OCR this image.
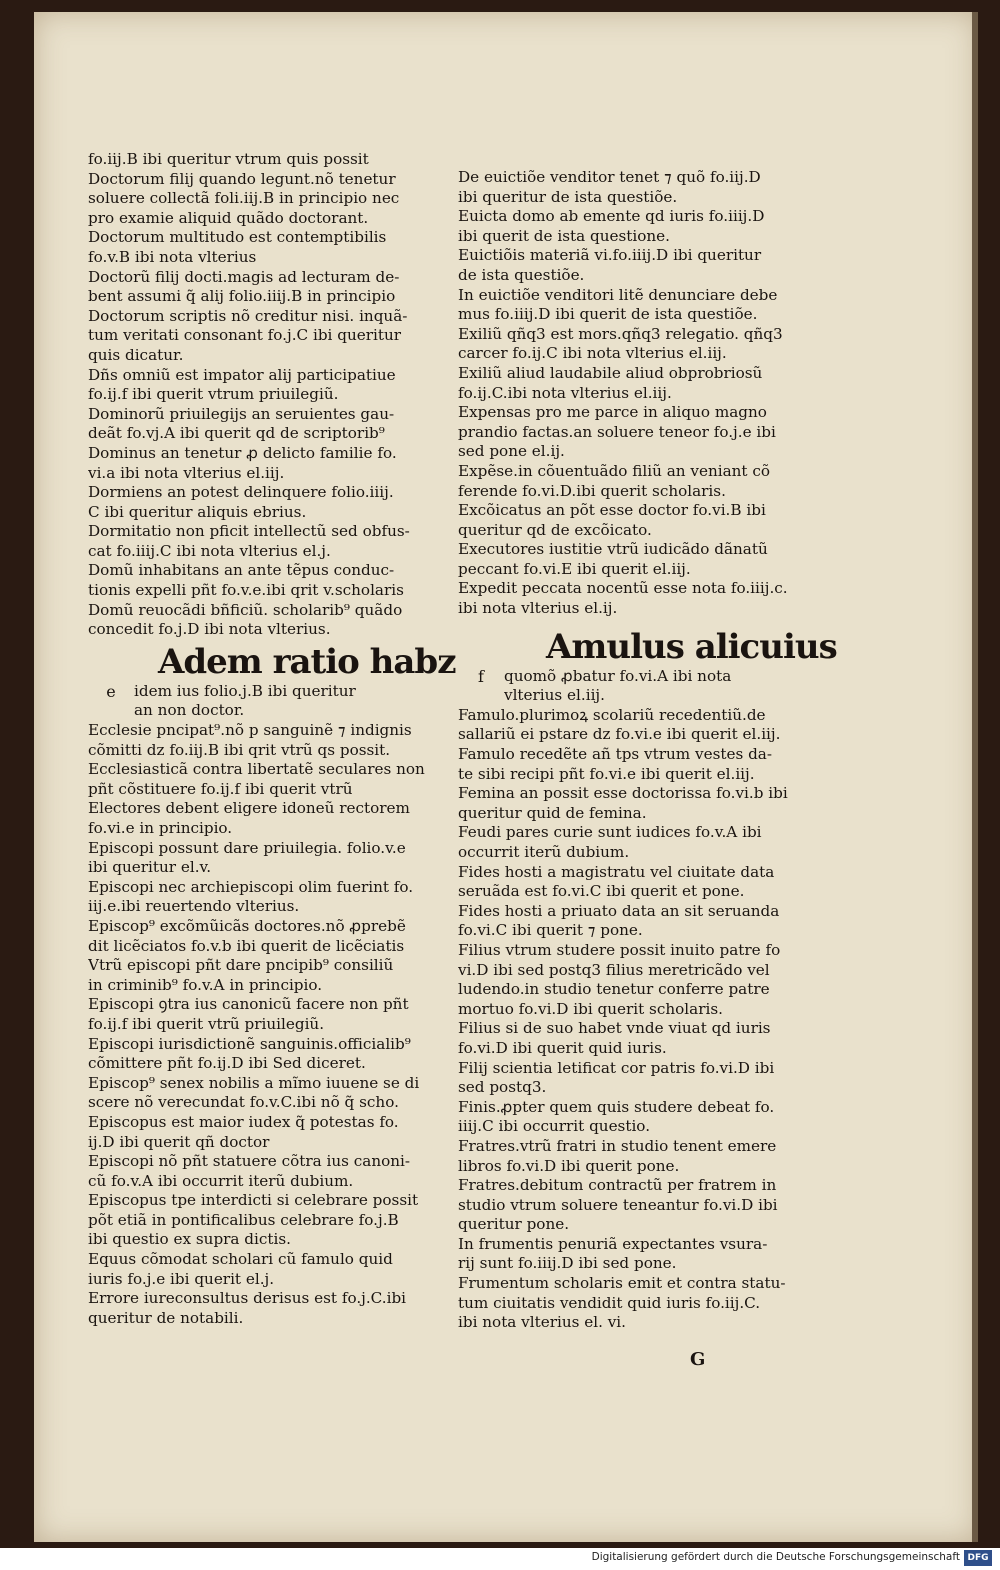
fo.iij.B ibi queritur vtrum quis possit
Doctorum filij quando legunt.nõ tenetur
soluere collectã foli.iij.B in principio nec
pro examie aliquid quãdo doctorant.
Doctorum multitudo est contemptibilis
fo.v.B ibi nota vlterius
Doctorũ filij docti.magis ad lecturam de-
bent assumi q̃ alij folio.iiij.B in principio
Doctorum scriptis nõ creditur nisi. inquã-
tum veritati consonant fo.j.C ibi queritur
quis dicatur.
Dñs omniũ est impator alij participatiue
fo.ij.f ibi querit vtrum priuilegiũ.
Dominorũ priuilegijs an seruientes gau-
deãt fo.vj.A ibi querit qd de scriptorib⁹
Dominus an tenetur ꝓ delicto familie fo.
vi.a ibi nota vlterius el.iij.
Dormiens an potest delinquere folio.iiij.
C ibi queritur aliquis ebrius.
Dormitatio non pficit intellectũ sed obfus-
cat fo.iiij.C ibi nota vlterius el.j.
Domũ inhabitans an ante tẽpus conduc-
tionis expelli pñt fo.v.e.ibi qrit v.scholaris
Domũ reuocãdi bñficiũ. scholarib⁹ quãdo
concedit fo.j.D ibi nota vlterius.
Adem ratio habz
e	idem ius folio.j.B ibi queritur
an non doctor.
Ecclesie pncipat⁹.nõ p sanguinẽ ⁊ indignis
cõmitti dz fo.iij.B ibi qrit vtrũ qs possit.
Ecclesiasticã contra libertatẽ seculares non
pñt cõstituere fo.ij.f ibi querit vtrũ
Electores debent eligere idoneũ rectorem
fo.vi.e in principio.
Episcopi possunt dare priuilegia. folio.v.e
ibi queritur el.v.
Episcopi nec archiepiscopi olim fuerint fo.
iij.e.ibi reuertendo vlterius.
Episcop⁹ excõmũicãs doctores.nõ ꝓprebẽ
dit licẽciatos fo.v.b ibi querit de licẽciatis
Vtrũ episcopi pñt dare pncipib⁹ consiliũ
in criminib⁹ fo.v.A in principio.
Episcopi ꝯtra ius canonicũ facere non pñt
fo.ij.f ibi querit vtrũ priuilegiũ.
Episcopi iurisdictionẽ sanguinis.officialib⁹
cõmittere pñt fo.ij.D ibi Sed diceret.
Episcop⁹ senex nobilis a mĩmo iuuene se di
scere nõ verecundat fo.v.C.ibi nõ q̃ scho.
Episcopus est maior iudex q̃ potestas fo.
ij.D ibi querit qñ doctor
Episcopi nõ pñt statuere cõtra ius canoni-
cũ fo.v.A ibi occurrit iterũ dubium.
Episcopus tpe interdicti si celebrare possit
põt etiã in pontificalibus celebrare fo.j.B
ibi questio ex supra dictis.
Equus cõmodat scholari cũ famulo quid
iuris fo.j.e ibi querit el.j.
Errore iureconsultus derisus est fo.j.C.ibi
queritur de notabili.
De euictiõe venditor tenet ⁊ quõ fo.iij.D
ibi queritur de ista questiõe.
Euicta domo ab emente qd iuris fo.iiij.D
ibi querit de ista questione.
Euictiõis materiã vi.fo.iiij.D ibi queritur
de ista questiõe.
In euictiõe venditori litẽ denunciare debe
mus fo.iiij.D ibi querit de ista questiõe.
Exiliũ qñq3 est mors.qñq3 relegatio. qñq3
carcer fo.ij.C ibi nota vlterius el.iij.
Exiliũ aliud laudabile aliud obprobriosũ
fo.ij.C.ibi nota vlterius el.iij.
Expensas pro me parce in aliquo magno
prandio factas.an soluere teneor fo.j.e ibi
sed pone el.ij.
Expẽse.in cõuentuãdo filiũ an veniant cõ
ferende fo.vi.D.ibi querit scholaris.
Excõicatus an põt esse doctor fo.vi.B ibi
queritur qd de excõicato.
Executores iustitie vtrũ iudicãdo dãnatũ
peccant fo.vi.E ibi querit el.iij.
Expedit peccata nocentũ esse nota fo.iiij.c.
ibi nota vlterius el.ij.
Amulus alicuius
f	quomõ ꝓbatur fo.vi.A ibi nota
vlterius el.iij.
Famulo.plurimoꝝ scolariũ recedentiũ.de
sallariũ ei pstare dz fo.vi.e ibi querit el.iij.
Famulo recedẽte añ tps vtrum vestes da-
te sibi recipi pñt fo.vi.e ibi querit el.iij.
Femina an possit esse doctorissa fo.vi.b ibi
queritur quid de femina.
Feudi pares curie sunt iudices fo.v.A ibi
occurrit iterũ dubium.
Fides hosti a magistratu vel ciuitate data
seruãda est fo.vi.C ibi querit et pone.
Fides hosti a priuato data an sit seruanda
fo.vi.C ibi querit ⁊ pone.
Filius vtrum studere possit inuito patre fo
vi.D ibi sed postq3 filius meretricãdo vel
ludendo.in studio tenetur conferre patre
mortuo fo.vi.D ibi querit scholaris.
Filius si de suo habet vnde viuat qd iuris
fo.vi.D ibi querit quid iuris.
Filij scientia letificat cor patris fo.vi.D ibi
sed postq3.
Finis.ꝓpter quem quis studere debeat fo.
iiij.C ibi occurrit questio.
Fratres.vtrũ fratri in studio tenent emere
libros fo.vi.D ibi querit pone.
Fratres.debitum contractũ per fratrem in
studio vtrum soluere teneantur fo.vi.D ibi
queritur pone.
In frumentis penuriã expectantes vsura-
rij sunt fo.iiij.D ibi sed pone.
Frumentum scholaris emit et contra statu-
tum ciuitatis vendidit quid iuris fo.iij.C.
ibi nota vlterius el. vi.
G
Digitalisierung gefördert durch die Deutsche Forschungsgemeinschaft DFG
